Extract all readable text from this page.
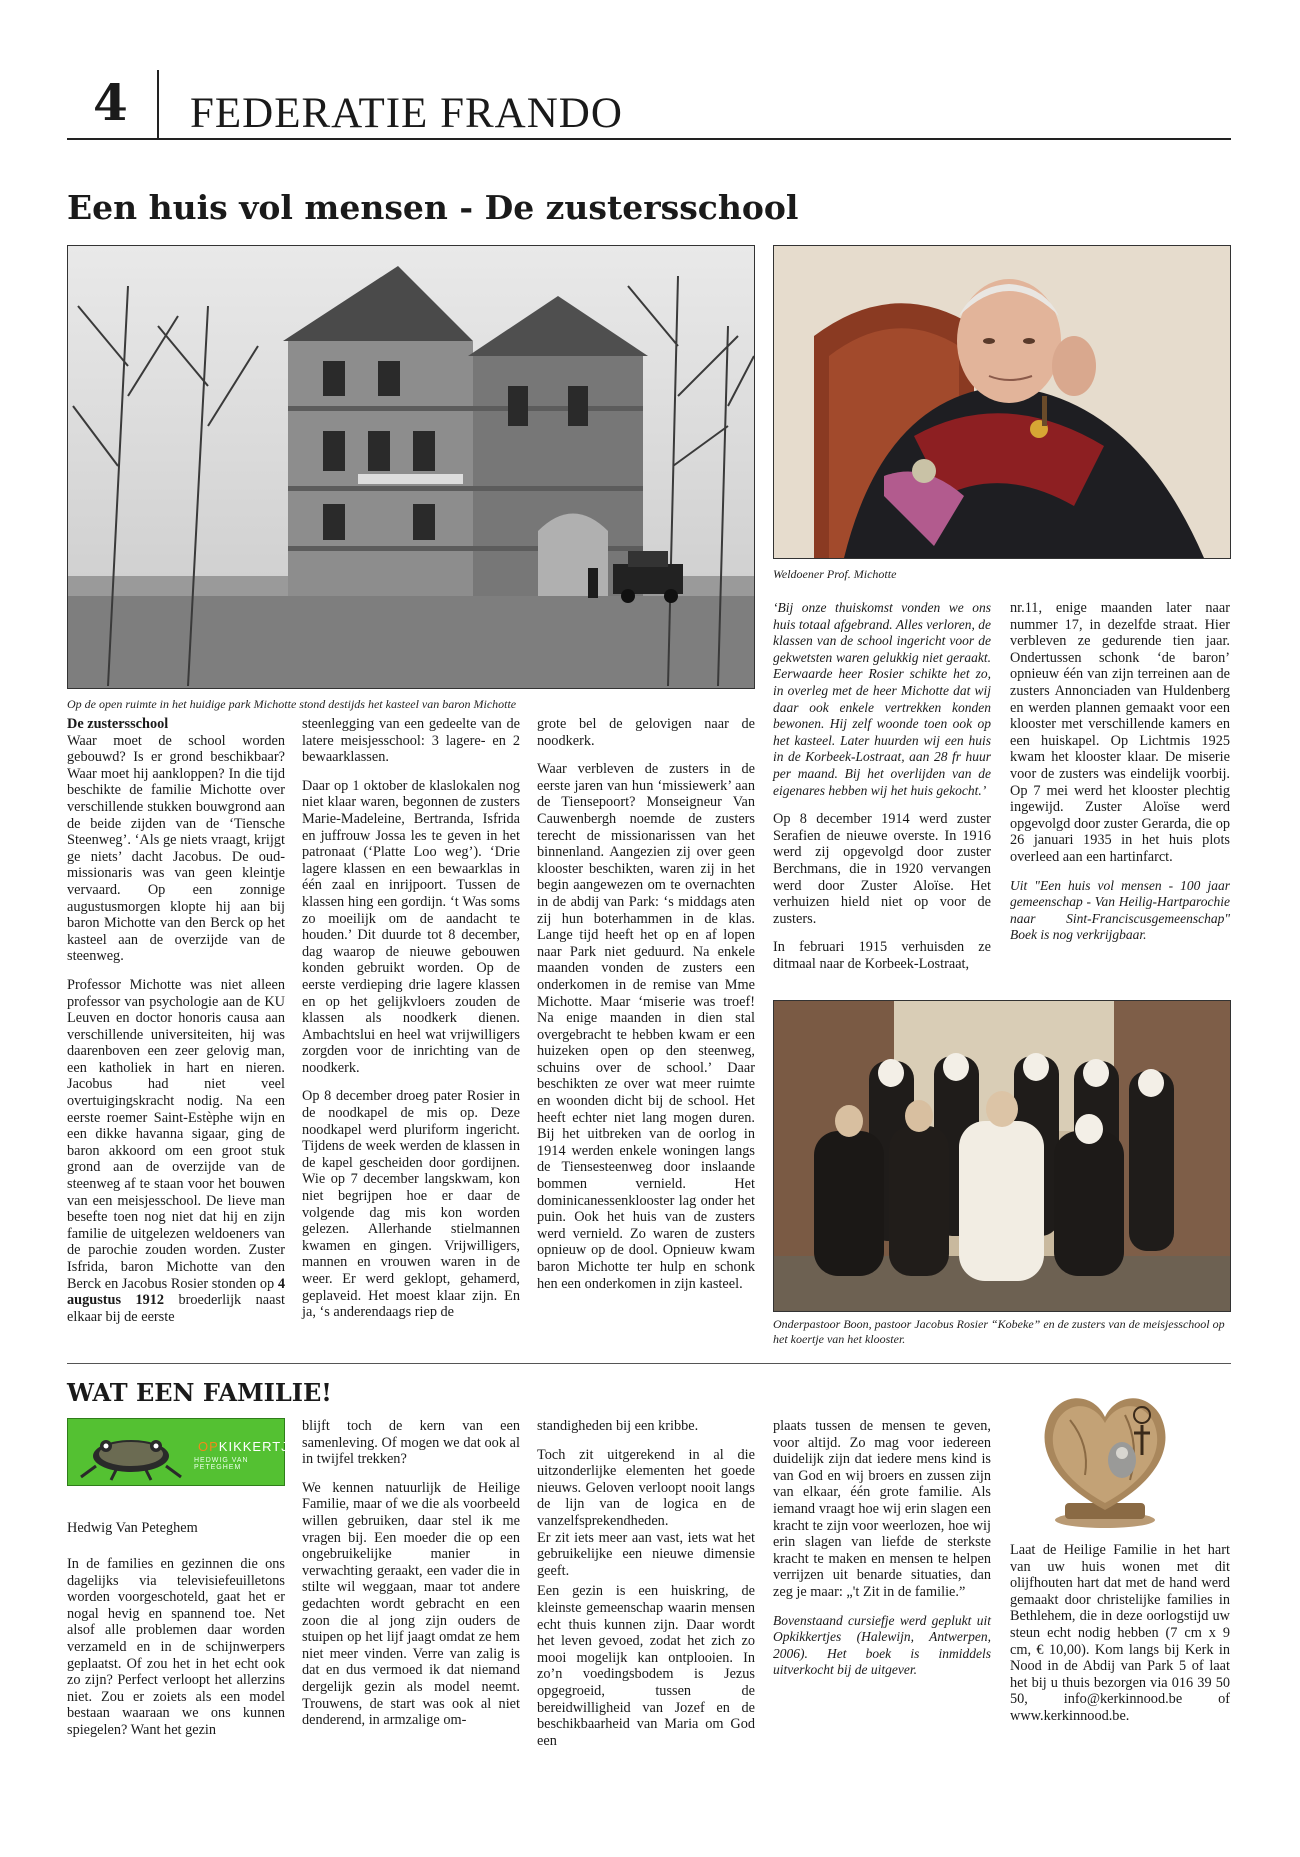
4 FEDERATIE FRANDO
Een huis vol mensen - De zustersschool
Op de open ruimte in het huidige park Michotte stond destijds het kasteel van baron Michotte
Weldoener Prof. Michotte
De zustersschool

Waar moet de school worden gebouwd? Is er grond beschikbaar? Waar moet hij aankloppen? In die tijd beschikte de familie Michotte over verschillende stukken bouwgrond aan de beide zijden van de ‘Tiensche Steenweg’. ‘Als ge niets vraagt, krijgt ge niets’ dacht Jacobus. De oud-missionaris was van geen kleintje vervaard. Op een zonnige augustusmorgen klopte hij aan bij baron Michotte van den Berck op het kasteel aan de overzijde van de steenweg.

Professor Michotte was niet alleen professor van psychologie aan de KU Leuven en doctor honoris causa aan verschillende universiteiten, hij was daarenboven een zeer gelovig man, een katholiek in hart en nieren. Jacobus had niet veel overtuigingskracht nodig. Na een eerste roemer Saint-Estèphe wijn en een dikke havanna sigaar, ging de baron akkoord om een groot stuk grond aan de overzijde van de steenweg af te staan voor het bouwen van een meisjesschool. De lieve man besefte toen nog niet dat hij en zijn familie de uitgelezen weldoeners van de parochie zouden worden. Zuster Isfrida, baron Michotte van den Berck en Jacobus Rosier stonden op 4 augustus 1912 broederlijk naast elkaar bij de eerste

steenlegging van een gedeelte van de latere meisjesschool: 3 lagere- en 2 bewaarklassen.

Daar op 1 oktober de klaslokalen nog niet klaar waren, begonnen de zusters Marie-Madeleine, Bertranda, Isfrida en juffrouw Jossa les te geven in het patronaat (‘Platte Loo weg’). ‘Drie lagere klassen en een bewaarklas in één zaal en inrijpoort. Tussen de klassen hing een gordijn. ‘t Was soms zo moeilijk om de aandacht te houden.’ Dit duurde tot 8 december, dag waarop de nieuwe gebouwen konden gebruikt worden. Op de eerste verdieping drie lagere klassen en op het gelijkvloers zouden de klassen als noodkerk dienen. Ambachtslui en heel wat vrijwilligers zorgden voor de inrichting van de noodkerk.

Op 8 december droeg pater Rosier in de noodkapel de mis op. Deze noodkapel werd pluriform ingericht. Tijdens de week werden de klassen in de kapel gescheiden door gordijnen. Wie op 7 december langskwam, kon niet begrijpen hoe er daar de volgende dag mis kon worden gelezen. Allerhande stielmannen kwamen en gingen. Vrijwilligers, mannen en vrouwen waren in de weer. Er werd geklopt, gehamerd, geplaveid. Het moest klaar zijn. En ja, ‘s anderendaags riep de

grote bel de gelovigen naar de noodkerk.

Waar verbleven de zusters in de eerste jaren van hun ‘missiewerk’ aan de Tiensepoort? Monseigneur Van Cauwenbergh noemde de zusters terecht de missionarissen van het binnenland. Aangezien zij over geen klooster beschikten, waren zij in het begin aangewezen om te overnachten in de abdij van Park: ‘s middags aten zij hun boterhammen in de klas. Lange tijd heeft het op en af lopen naar Park niet geduurd. Na enkele maanden vonden de zusters een onderkomen in de remise van Mme Michotte. Maar ‘miserie was troef! Na enige maanden in dien stal overgebracht te hebben kwam er een huizeken open op den steenweg, schuins over de school.’ Daar beschikten ze over wat meer ruimte en woonden dicht bij de school. Het heeft echter niet lang mogen duren. Bij het uitbreken van de oorlog in 1914 werden enkele woningen langs de Tiensesteenweg door inslaande bommen vernield. Het dominicanessenklooster lag onder het puin. Ook het huis van de zusters werd vernield. Zo waren de zusters opnieuw op de dool. Opnieuw kwam baron Michotte ter hulp en schonk hen een onderkomen in zijn kasteel.

‘Bij onze thuiskomst vonden we ons huis totaal afgebrand. Alles verloren, de klassen van de school ingericht voor de gekwetsten waren gelukkig niet geraakt. Eerwaarde heer Rosier schikte het zo, in overleg met de heer Michotte dat wij daar ook enkele vertrekken konden bewonen. Hij zelf woonde toen ook op het kasteel. Later huurden wij een huis in de Korbeek-Lostraat, aan 28 fr huur per maand. Bij het overlijden van de eigenares hebben wij het huis gekocht.’

Op 8 december 1914 werd zuster Serafien de nieuwe overste. In 1916 werd zij opgevolgd door zuster Berchmans, die in 1920 vervangen werd door Zuster Aloïse. Het verhuizen hield niet op voor de zusters.

In februari 1915 verhuisden ze ditmaal naar de Korbeek-Lostraat,

nr.11, enige maanden later naar nummer 17, in dezelfde straat. Hier verbleven ze gedurende tien jaar. Ondertussen schonk ‘de baron’ opnieuw één van zijn terreinen aan de zusters Annonciaden van Huldenberg en werden plannen gemaakt voor een klooster met verschillende kamers en een huiskapel. Op Lichtmis 1925 kwam het klooster klaar. De miserie voor de zusters was eindelijk voorbij. Op 7 mei werd het klooster plechtig ingewijd. Zuster Aloïse werd opgevolgd door zuster Gerarda, die op 26 januari 1935 in het huis plots overleed aan een hartinfarct.

Uit "Een huis vol mensen - 100 jaar gemeenschap - Van Heilig-Hartparochie naar Sint-Franciscusgemeenschap" Boek is nog verkrijgbaar.

Onderpastoor Boon, pastoor Jacobus Rosier “Kobeke” en de zusters van de meisjesschool op het koertje van het klooster.
WAT EEN FAMILIE!
OPKIKKERTJES
HEDWIG VAN PETEGHEM
Hedwig Van Peteghem

In de families en gezinnen die ons dagelijks via televisiefeuilletons worden voorgeschoteld, gaat het er nogal hevig en spannend toe. Net alsof alle problemen daar worden verzameld en in de schijnwerpers geplaatst. Of zou het in het echt ook zo zijn? Perfect verloopt het allerzins niet. Zou er zoiets als een model bestaan waaraan we ons kunnen spiegelen? Want het gezin

blijft toch de kern van een samenleving. Of mogen we dat ook al in twijfel trekken?

We kennen natuurlijk de Heilige Familie, maar of we die als voorbeeld willen gebruiken, daar stel ik me vragen bij. Een moeder die op een ongebruikelijke manier in verwachting geraakt, een vader die in stilte wil weggaan, maar tot andere gedachten wordt gebracht en een zoon die al jong zijn ouders de stuipen op het lijf jaagt omdat ze hem niet meer vinden. Verre van zalig is dat en dus vermoed ik dat niemand dergelijk gezin als model neemt. Trouwens, de start was ook al niet denderend, in armzalige om-

standigheden bij een kribbe.

Toch zit uitgerekend in al die uitzonderlijke elementen het goede nieuws. Geloven verloopt nooit langs de lijn van de logica en de vanzelfsprekendheden.

Er zit iets meer aan vast, iets wat het gebruikelijke een nieuwe dimensie geeft.

Een gezin is een huiskring, de kleinste gemeenschap waarin mensen echt thuis kunnen zijn. Daar wordt het leven gevoed, zodat het zich zo mooi mogelijk kan ontplooien. In zo’n voedingsbodem is Jezus opgegroeid, tussen de bereidwilligheid van Jozef en de beschikbaarheid van Maria om God een

plaats tussen de mensen te geven, voor altijd. Zo mag voor iedereen duidelijk zijn dat iedere mens kind is van God en wij broers en zussen zijn van elkaar, één grote familie. Als iemand vraagt hoe wij erin slagen een kracht te zijn voor weerlozen, hoe wij erin slagen van liefde de sterkste kracht te maken en mensen te helpen verrijzen uit benarde situaties, dan zeg je maar: „'t Zit in de familie.”

Bovenstaand cursiefje werd geplukt uit Opkikkertjes (Halewijn, Antwerpen, 2006). Het boek is inmiddels uitverkocht bij de uitgever.

Laat de Heilige Familie in het hart van uw huis wonen met dit olijfhouten hart dat met de hand werd gemaakt door christelijke families in Bethlehem, die in deze oorlogstijd uw steun echt nodig hebben (7 cm x 9 cm, € 10,00). Kom langs bij Kerk in Nood in de Abdij van Park 5 of laat het bij u thuis bezorgen via 016 39 50 50, info@kerkinnood.be of www.kerkinnood.be.
